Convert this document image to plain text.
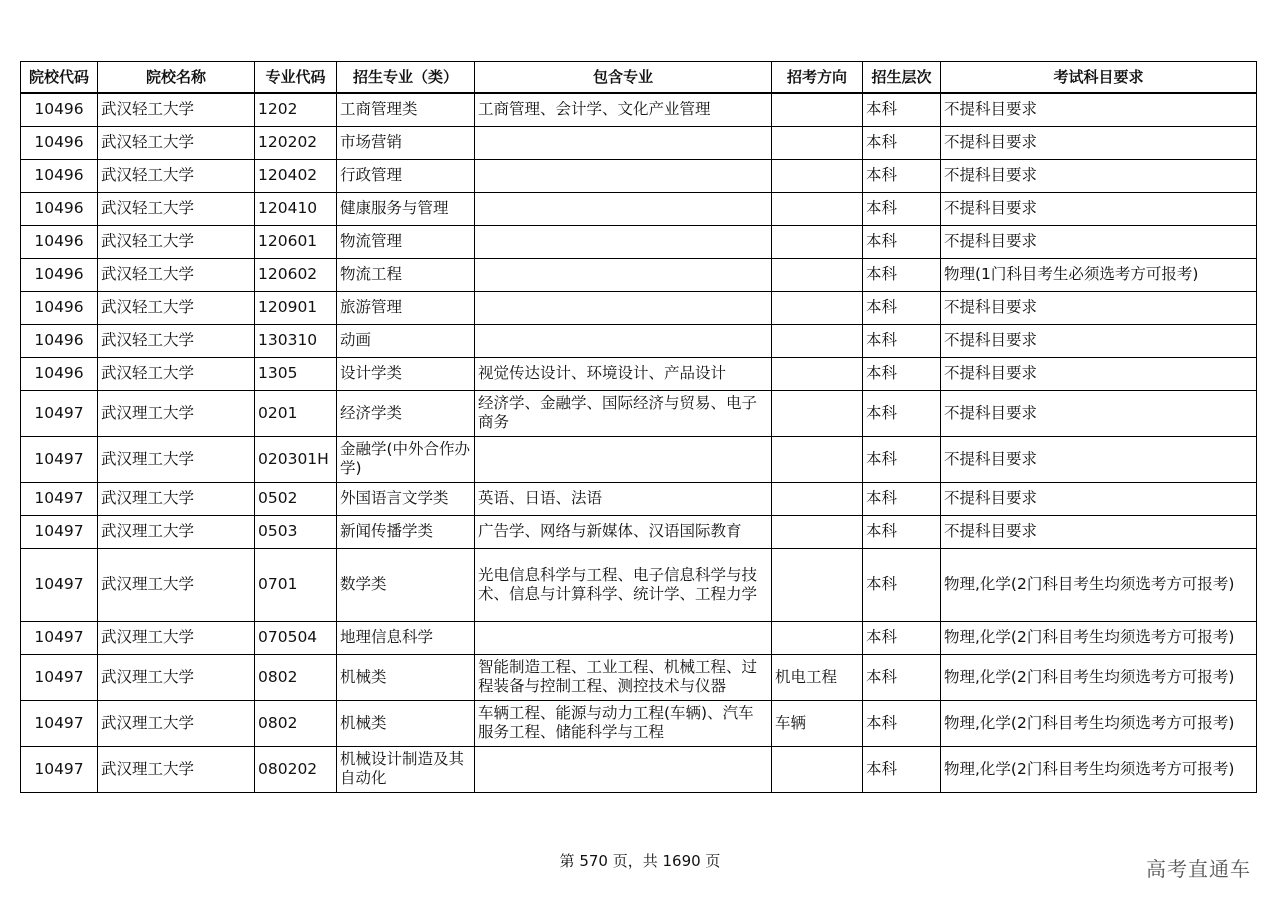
院校代码	院校名称	专业代码	招生专业（类）	包含专业	招考方向	招生层次	考试科目要求
10496	武汉轻工大学	1202	工商管理类	工商管理、会计学、文化产业管理		本科	不提科目要求
10496	武汉轻工大学	120202	市场营销			本科	不提科目要求
10496	武汉轻工大学	120402	行政管理			本科	不提科目要求
10496	武汉轻工大学	120410	健康服务与管理			本科	不提科目要求
10496	武汉轻工大学	120601	物流管理			本科	不提科目要求
10496	武汉轻工大学	120602	物流工程			本科	物理(1门科目考生必须选考方可报考)
10496	武汉轻工大学	120901	旅游管理			本科	不提科目要求
10496	武汉轻工大学	130310	动画			本科	不提科目要求
10496	武汉轻工大学	1305	设计学类	视觉传达设计、环境设计、产品设计		本科	不提科目要求
10497	武汉理工大学	0201	经济学类	经济学、金融学、国际经济与贸易、电子商务		本科	不提科目要求
10497	武汉理工大学	020301H	金融学(中外合作办学)			本科	不提科目要求
10497	武汉理工大学	0502	外国语言文学类	英语、日语、法语		本科	不提科目要求
10497	武汉理工大学	0503	新闻传播学类	广告学、网络与新媒体、汉语国际教育		本科	不提科目要求
10497	武汉理工大学	0701	数学类	光电信息科学与工程、电子信息科学与技术、信息与计算科学、统计学、工程力学		本科	物理,化学(2门科目考生均须选考方可报考)
10497	武汉理工大学	070504	地理信息科学			本科	物理,化学(2门科目考生均须选考方可报考)
10497	武汉理工大学	0802	机械类	智能制造工程、工业工程、机械工程、过程装备与控制工程、测控技术与仪器	机电工程	本科	物理,化学(2门科目考生均须选考方可报考)
10497	武汉理工大学	0802	机械类	车辆工程、能源与动力工程(车辆)、汽车服务工程、储能科学与工程	车辆	本科	物理,化学(2门科目考生均须选考方可报考)
10497	武汉理工大学	080202	机械设计制造及其自动化			本科	物理,化学(2门科目考生均须选考方可报考)
第 570 页，共 1690 页	高考直通车
